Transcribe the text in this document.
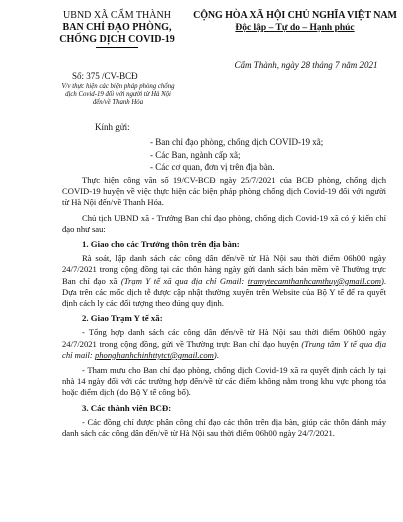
UBND XÃ CẨM THÀNH
BAN CHỈ ĐẠO PHÒNG,
CHỐNG DỊCH COVID-19
CỘNG HÒA XÃ HỘI CHỦ NGHĨA VIỆT NAM
Độc lập – Tự do – Hạnh phúc
Số: 375 /CV-BCĐ
V/v thực hiện các biện pháp phòng chống dịch Covid-19 đối với người từ Hà Nội đến/về Thanh Hóa
Cẩm Thành, ngày 28 tháng 7 năm 2021
Kính gửi:
- Ban chỉ đạo phòng, chống dịch COVID-19 xã;
- Các Ban, ngành cấp xã;
- Các cơ quan, đơn vị trên địa bàn.

Thực hiện công văn số 19/CV-BCĐ ngày 25/7/2021 của BCĐ phòng, chống dịch COVID-19 huyện về việc thực hiện các biện pháp phòng chống dịch Covid-19 đối với người từ Hà Nội đến/về Thanh Hóa.

Chủ tịch UBND xã - Trưởng Ban chỉ đạo phòng, chống dịch Covid-19 xã có ý kiến chỉ đạo như sau:

1. Giao cho các Trưởng thôn trên địa bàn:

Rà soát, lập danh sách các công dân đến/về từ Hà Nội sau thời điểm 06h00 ngày 24/7/2021 trong cộng đồng tại các thôn hàng ngày gửi danh sách bản mềm về Thường trực Ban chỉ đạo xã (Trạm Y tế xã qua địa chỉ Gmail: tramytecamthanhcamthuy@gmail.com). Dựa trên các mốc dịch tễ được cập nhật thường xuyên trên Website của Bộ Y tế để ra quyết định cách ly các đối tượng theo đúng quy định.

2. Giao Trạm Y tế xã:

- Tổng hợp danh sách các công dân đến/về từ Hà Nội sau thời điểm 06h00 ngày 24/7/2021 trong cộng đồng, gửi về Thường trực Ban chỉ đạo huyện (Trung tâm Y tế qua địa chỉ mail: phonghanhchinhttytct@gmail.com).

- Tham mưu cho Ban chỉ đạo phòng, chống dịch Covid-19 xã ra quyết định cách ly tại nhà 14 ngày đối với các trường hợp đến/về từ các điểm không nằm trong khu vực phong tỏa hoặc điểm dịch (do Bộ Y tế công bố).

3. Các thành viên BCĐ:

- Các đồng chí được phân công chỉ đạo các thôn trên địa bàn, giúp các thôn đánh máy danh sách các công dân đến/về từ Hà Nội sau thời điểm 06h00 ngày 24/7/2021.
